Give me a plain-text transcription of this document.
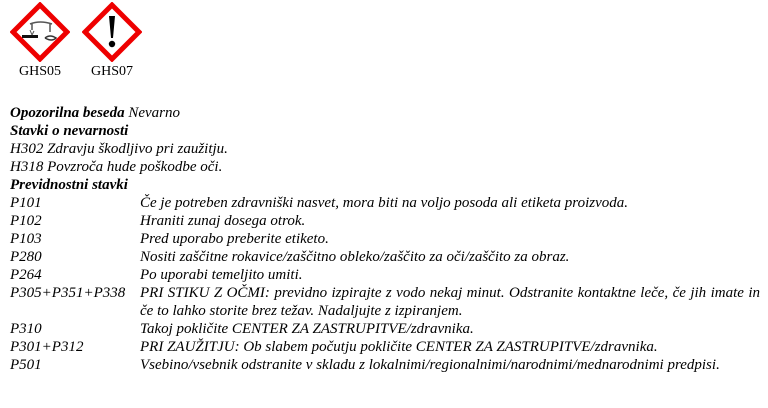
GHS05	GHS07
Opozorilna beseda Nevarno
Stavki o nevarnosti
H302 Zdravju škodljivo pri zaužitju.
H318 Povzroča hude poškodbe oči.
Previdnostni stavki
P101	Če je potreben zdravniški nasvet, mora biti na voljo posoda ali etiketa proizvoda.
P102	Hraniti zunaj dosega otrok.
P103	Pred uporabo preberite etiketo.
P280	Nositi zaščitne rokavice/zaščitno obleko/zaščito za oči/zaščito za obraz.
P264	Po uporabi temeljito umiti.
P305+P351+P338 PRI STIKU Z OČMI: previdno izpirajte z vodo nekaj minut. Odstranite kontaktne leče, če jih imate in če to lahko storite brez težav. Nadaljujte z izpiranjem.
P310	Takoj pokličite CENTER ZA ZASTRUPITVE/zdravnika.
P301+P312	PRI ZAUŽITJU: Ob slabem počutju pokličite CENTER ZA ZASTRUPITVE/zdravnika.
P501	Vsebino/vsebnik odstranite v skladu z lokalnimi/regionalnimi/narodnimi/mednarodnimi predpisi.
